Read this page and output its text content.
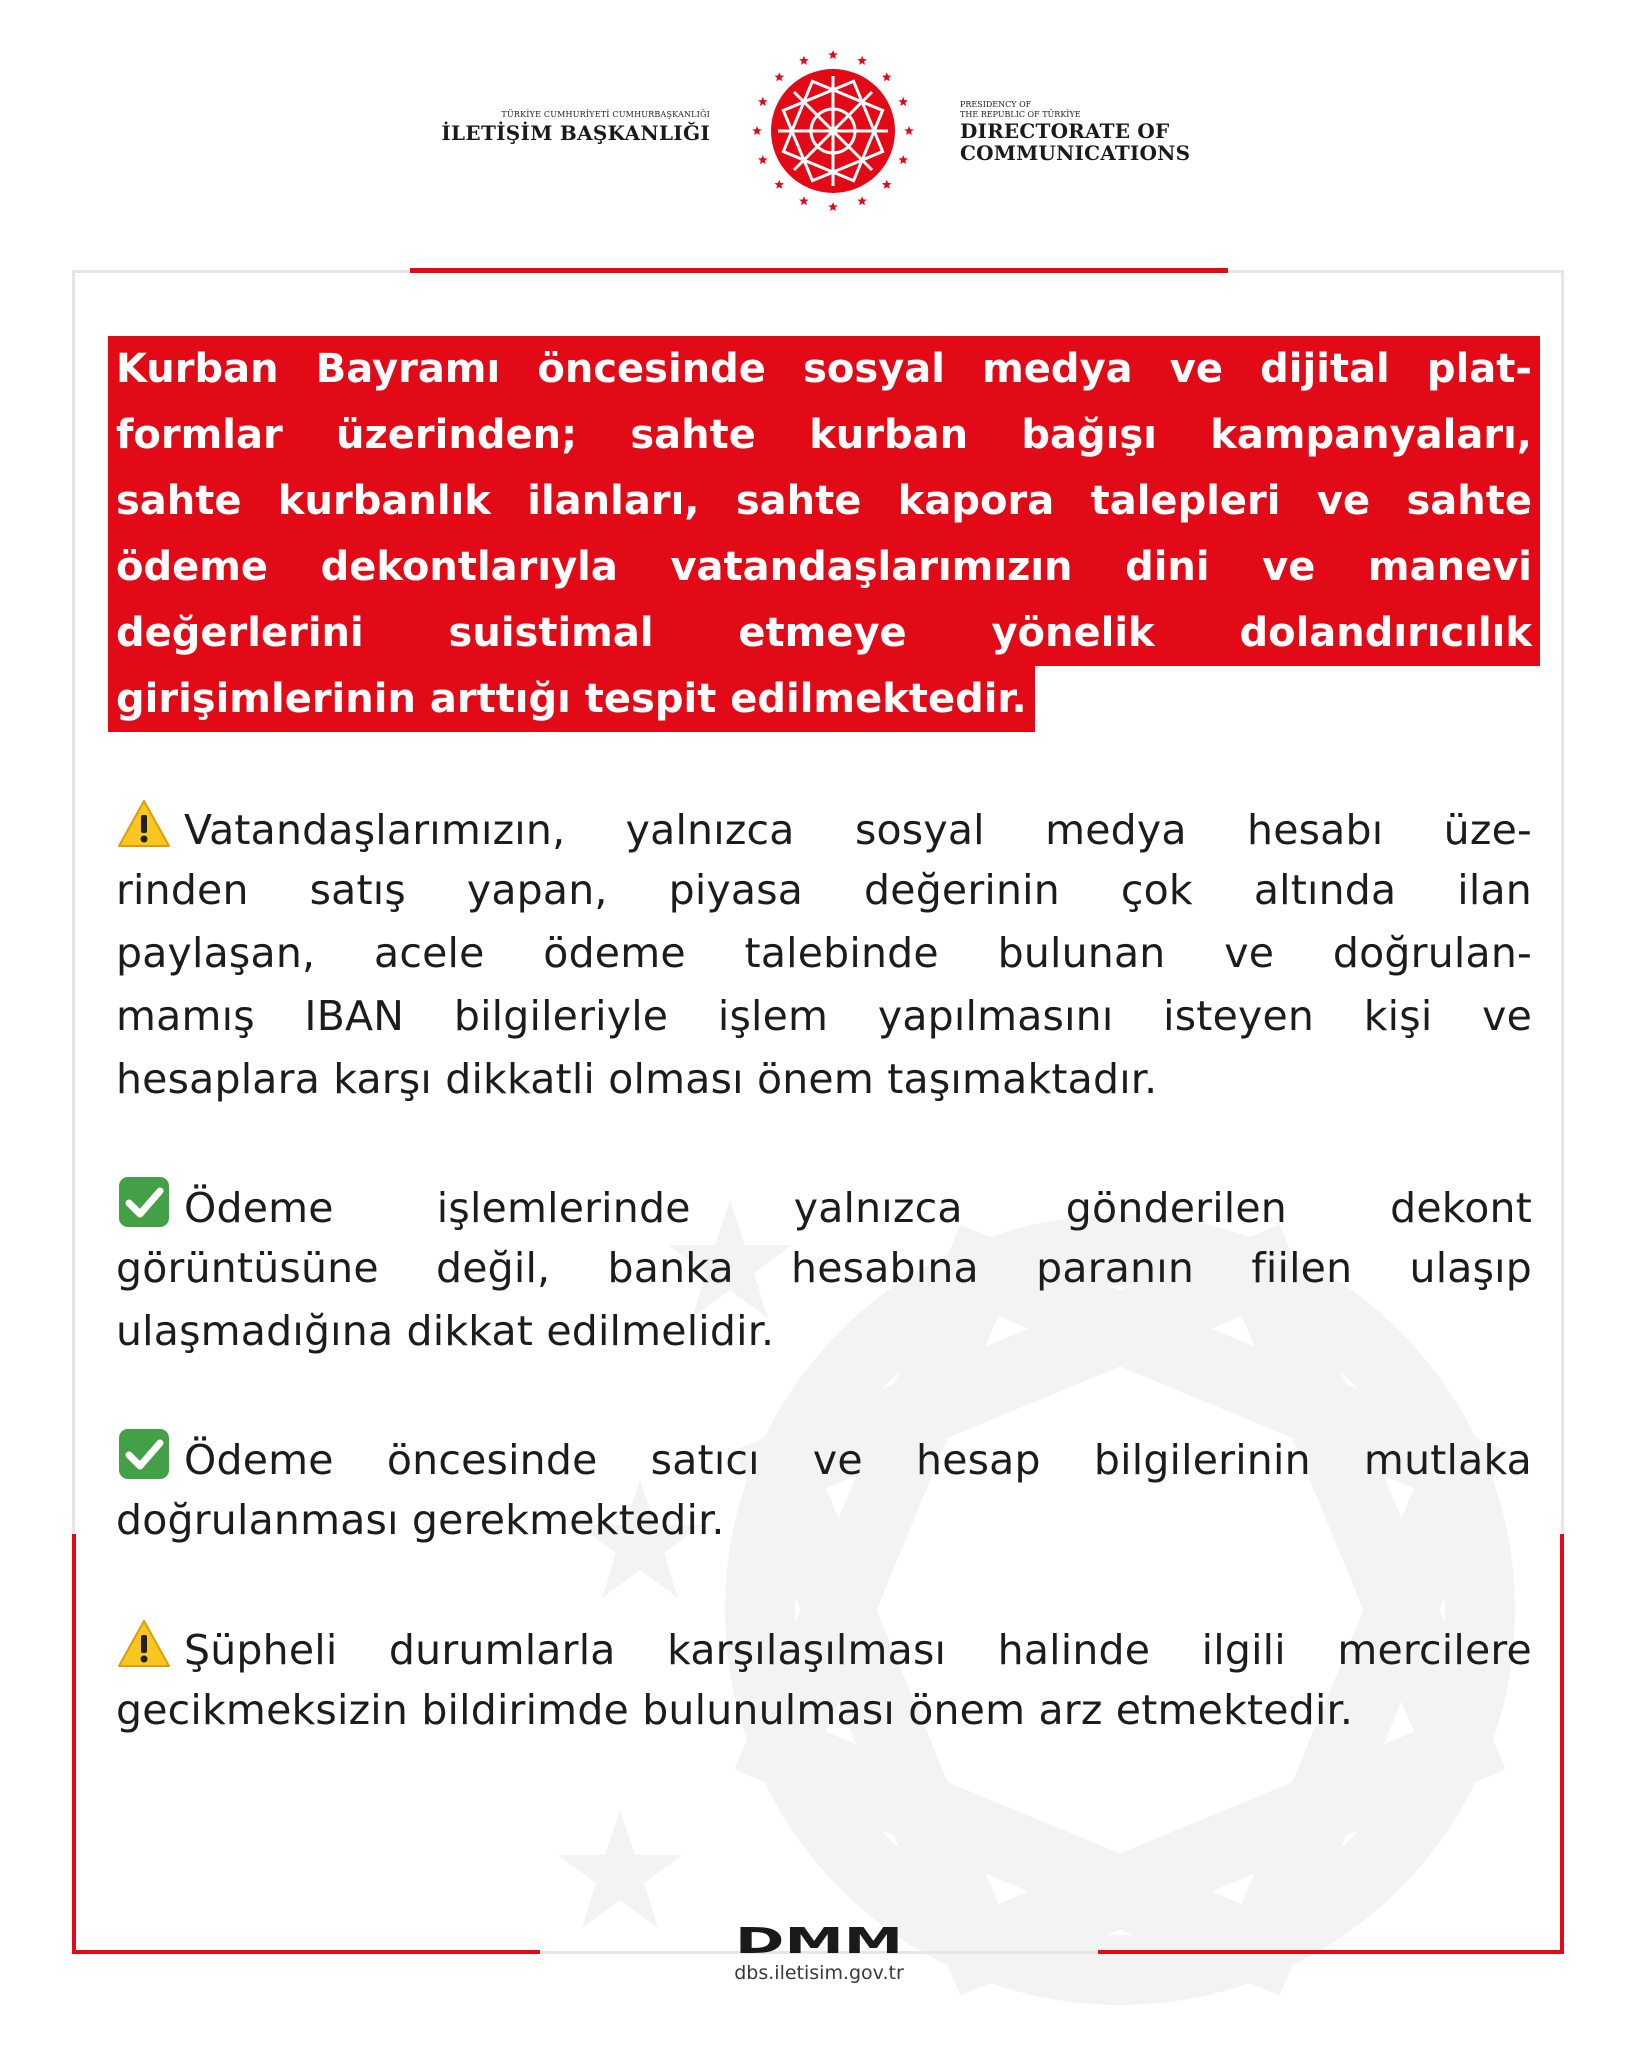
TÜRKİYE CUMHURİYETİ CUMHURBAŞKANLIĞI
İLETİŞİM BAŞKANLIĞI
PRESIDENCY OF
THE REPUBLIC OF TÜRKİYE
DIRECTORATE OF
COMMUNICATIONS
Kurban Bayramı öncesinde sosyal medya ve dijital plat-
formlar üzerinden; sahte kurban bağışı kampanyaları,
sahte kurbanlık ilanları, sahte kapora talepleri ve sahte
ödeme dekontlarıyla vatandaşlarımızın dini ve manevi
değerlerini suistimal etmeye yönelik dolandırıcılık
girişimlerinin arttığı tespit edilmektedir.
Vatandaşlarımızın, yalnızca sosyal medya hesabı üze-
rinden satış yapan, piyasa değerinin çok altında ilan
paylaşan, acele ödeme talebinde bulunan ve doğrulan-
mamış IBAN bilgileriyle işlem yapılmasını isteyen kişi ve
hesaplara karşı dikkatli olması önem taşımaktadır.
Ödeme işlemlerinde yalnızca gönderilen dekont
görüntüsüne değil, banka hesabına paranın fiilen ulaşıp
ulaşmadığına dikkat edilmelidir.
Ödeme öncesinde satıcı ve hesap bilgilerinin mutlaka
doğrulanması gerekmektedir.
Şüpheli durumlarla karşılaşılması halinde ilgili mercilere
gecikmeksizin bildirimde bulunulması önem arz etmektedir.
DMM
dbs.iletisim.gov.tr
